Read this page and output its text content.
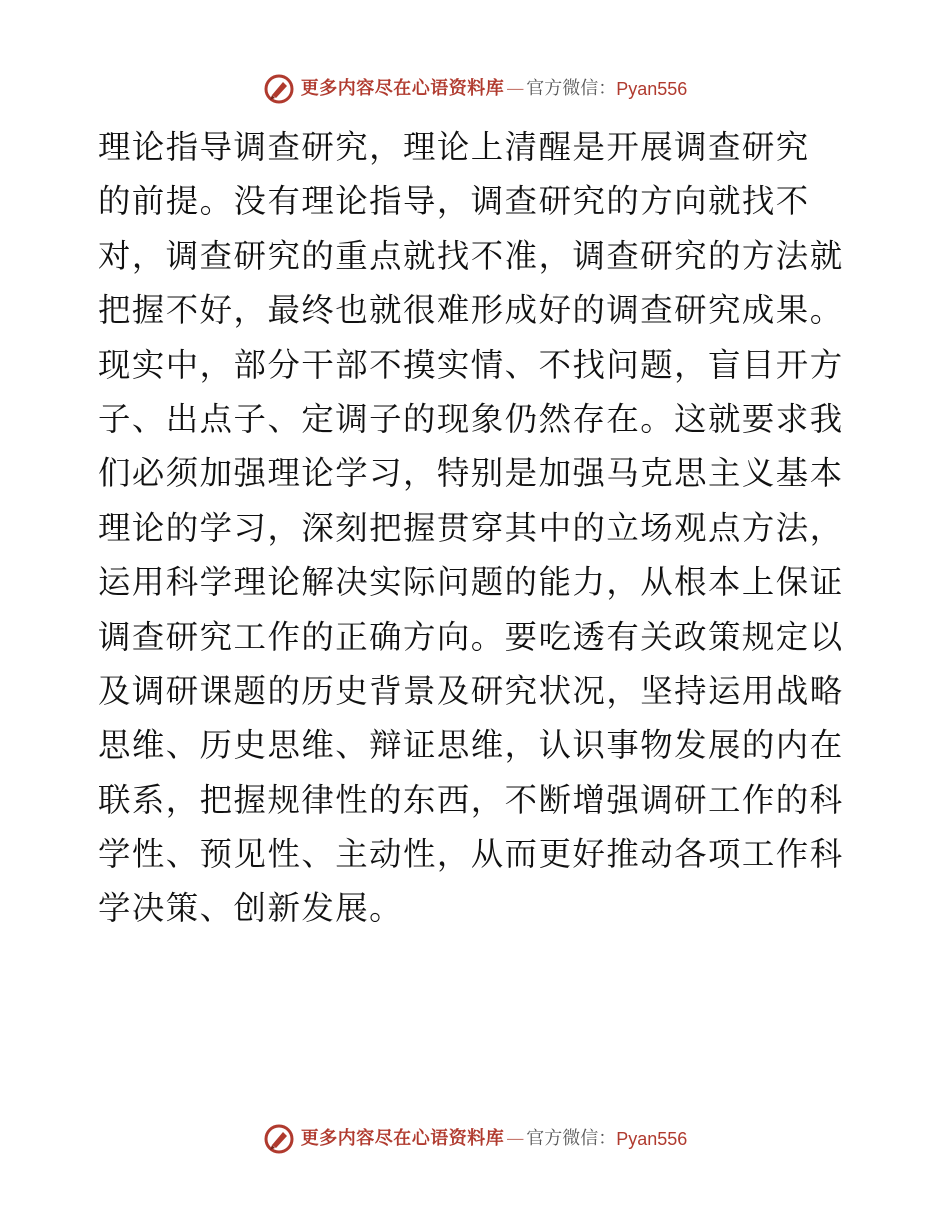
更多内容尽在心语资料库 — 官方微信： Pyan556
理论指导调查研究，理论上清醒是开展调查研究
的前提。没有理论指导，调查研究的方向就找不
对，调查研究的重点就找不准，调查研究的方法就
把握不好，最终也就很难形成好的调查研究成果。
现实中，部分干部不摸实情、不找问题，盲目开方
子、出点子、定调子的现象仍然存在。这就要求我
们必须加强理论学习，特别是加强马克思主义基本
理论的学习，深刻把握贯穿其中的立场观点方法，
运用科学理论解决实际问题的能力，从根本上保证
调查研究工作的正确方向。要吃透有关政策规定以
及调研课题的历史背景及研究状况，坚持运用战略
思维、历史思维、辩证思维，认识事物发展的内在
联系，把握规律性的东西，不断增强调研工作的科
学性、预见性、主动性，从而更好推动各项工作科
学决策、创新发展。
更多内容尽在心语资料库 — 官方微信： Pyan556
